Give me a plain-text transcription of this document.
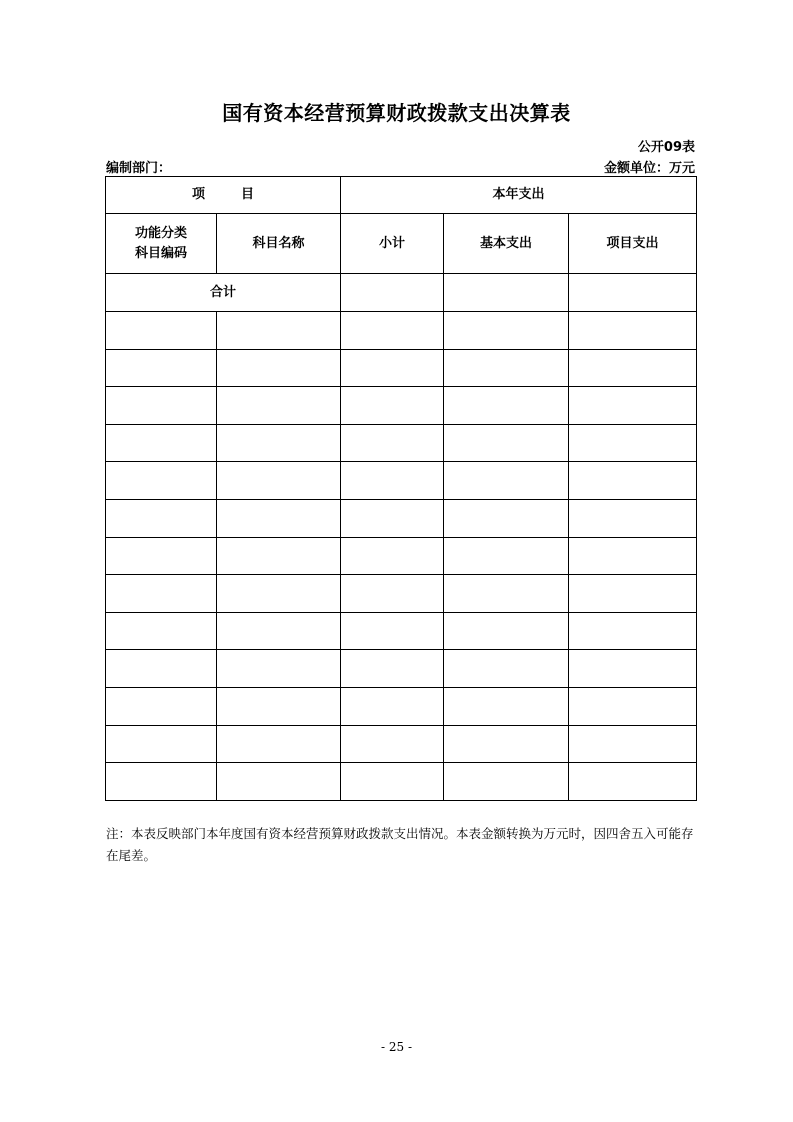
国有资本经营预算财政拨款支出决算表
公开09表
编制部门：	金额单位：万元
项 目		本年支出		

功能分类
科目编码	科目名称	小计	基本支出	项目支出
合计				

注：本表反映部门本年度国有资本经营预算财政拨款支出情况。本表金额转换为万元时，因四舍五入可能存在尾差。
- 25 -
